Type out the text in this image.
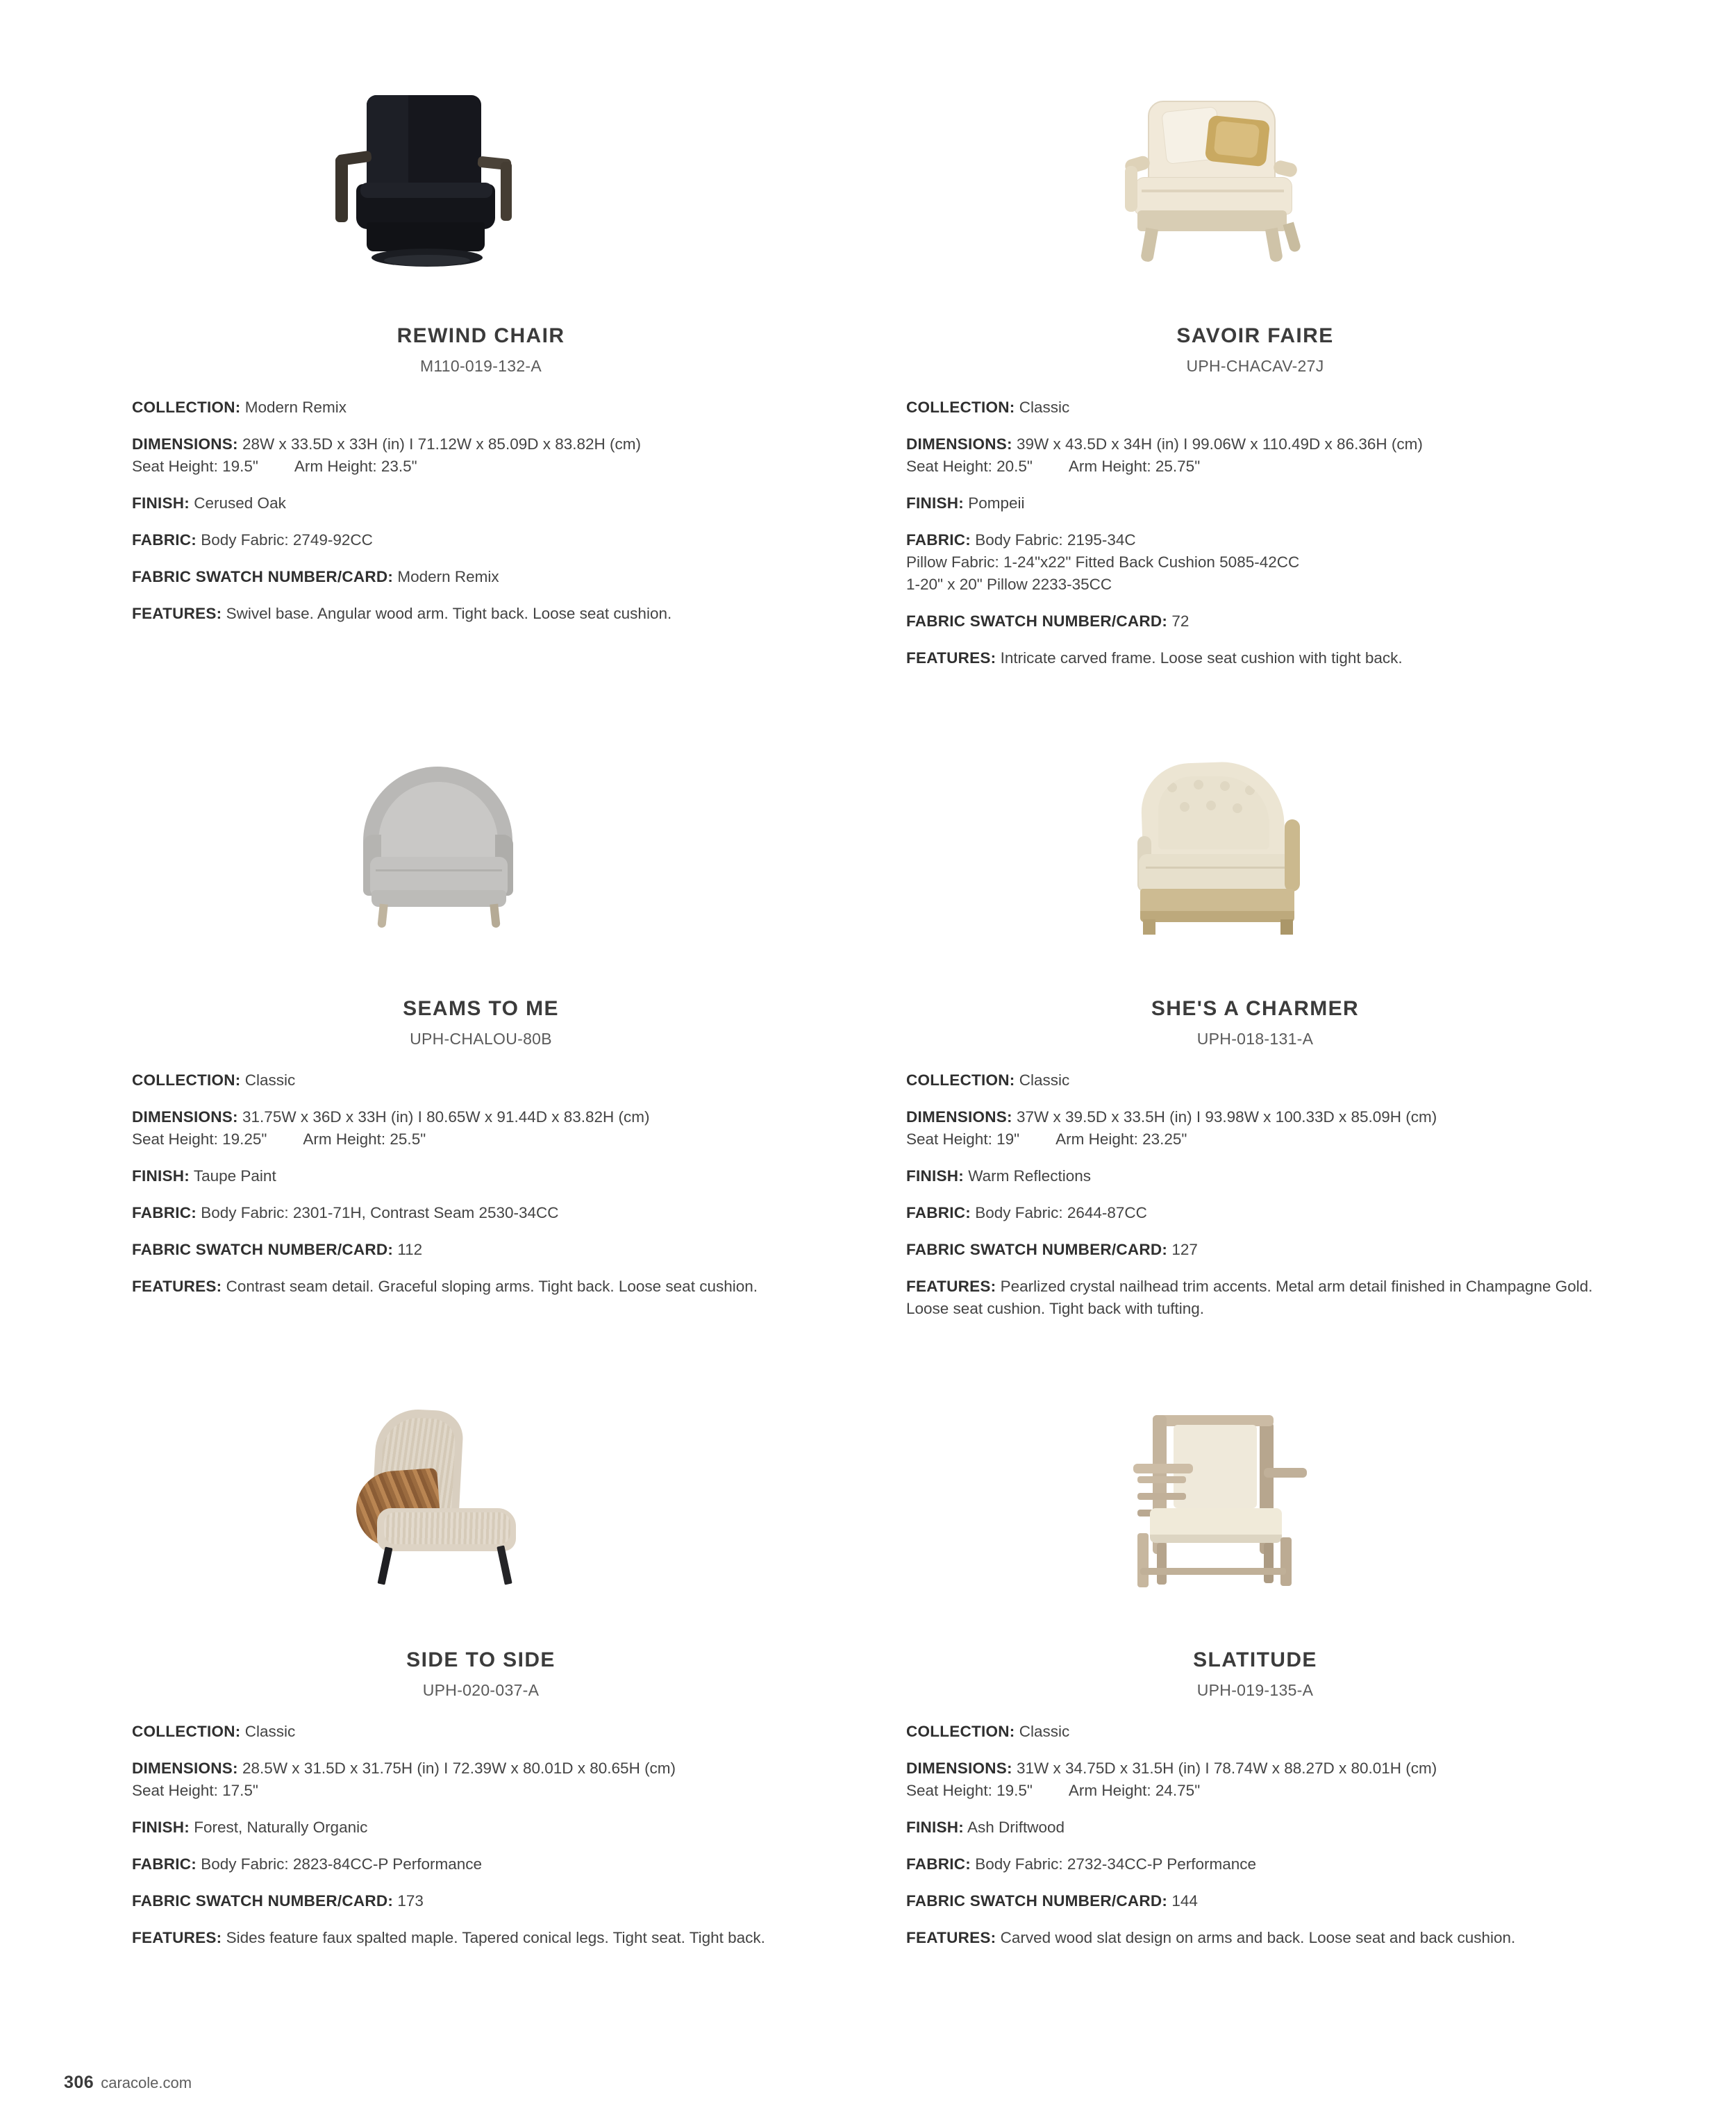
REWIND CHAIR
M110-019-132-A
COLLECTION: Modern Remix
DIMENSIONS: 28W x 33.5D x 33H (in) I 71.12W x 85.09D x 83.82H (cm)
Seat Height: 19.5" Arm Height: 23.5"
FINISH: Cerused Oak
FABRIC: Body Fabric: 2749-92CC
FABRIC SWATCH NUMBER/CARD: Modern Remix
FEATURES: Swivel base. Angular wood arm. Tight back. Loose seat cushion.
SAVOIR FAIRE
UPH-CHACAV-27J
COLLECTION: Classic
DIMENSIONS: 39W x 43.5D x 34H (in) I 99.06W x 110.49D x 86.36H (cm)
Seat Height: 20.5" Arm Height: 25.75"
FINISH: Pompeii
FABRIC: Body Fabric: 2195-34C
Pillow Fabric: 1-24"x22" Fitted Back Cushion 5085-42CC
1-20" x 20" Pillow 2233-35CC
FABRIC SWATCH NUMBER/CARD: 72
FEATURES: Intricate carved frame. Loose seat cushion with tight back.
SEAMS TO ME
UPH-CHALOU-80B
COLLECTION: Classic
DIMENSIONS: 31.75W x 36D x 33H (in) I 80.65W x 91.44D x 83.82H (cm)
Seat Height: 19.25" Arm Height: 25.5"
FINISH: Taupe Paint
FABRIC: Body Fabric: 2301-71H, Contrast Seam 2530-34CC
FABRIC SWATCH NUMBER/CARD: 112
FEATURES: Contrast seam detail. Graceful sloping arms. Tight back. Loose seat cushion.
SHE'S A CHARMER
UPH-018-131-A
COLLECTION: Classic
DIMENSIONS: 37W x 39.5D x 33.5H (in) I 93.98W x 100.33D x 85.09H (cm)
Seat Height: 19" Arm Height: 23.25"
FINISH: Warm Reflections
FABRIC: Body Fabric: 2644-87CC
FABRIC SWATCH NUMBER/CARD: 127
FEATURES: Pearlized crystal nailhead trim accents. Metal arm detail finished in Champagne Gold. Loose seat cushion. Tight back with tufting.
SIDE TO SIDE
UPH-020-037-A
COLLECTION: Classic
DIMENSIONS: 28.5W x 31.5D x 31.75H (in) I 72.39W x 80.01D x 80.65H (cm)
Seat Height: 17.5"
FINISH: Forest, Naturally Organic
FABRIC: Body Fabric: 2823-84CC-P Performance
FABRIC SWATCH NUMBER/CARD: 173
FEATURES: Sides feature faux spalted maple. Tapered conical legs. Tight seat. Tight back.
SLATITUDE
UPH-019-135-A
COLLECTION: Classic
DIMENSIONS: 31W x 34.75D x 31.5H (in) I 78.74W x 88.27D x 80.01H (cm)
Seat Height: 19.5" Arm Height: 24.75"
FINISH: Ash Driftwood
FABRIC: Body Fabric: 2732-34CC-P Performance
FABRIC SWATCH NUMBER/CARD: 144
FEATURES: Carved wood slat design on arms and back. Loose seat and back cushion.
306 caracole.com
